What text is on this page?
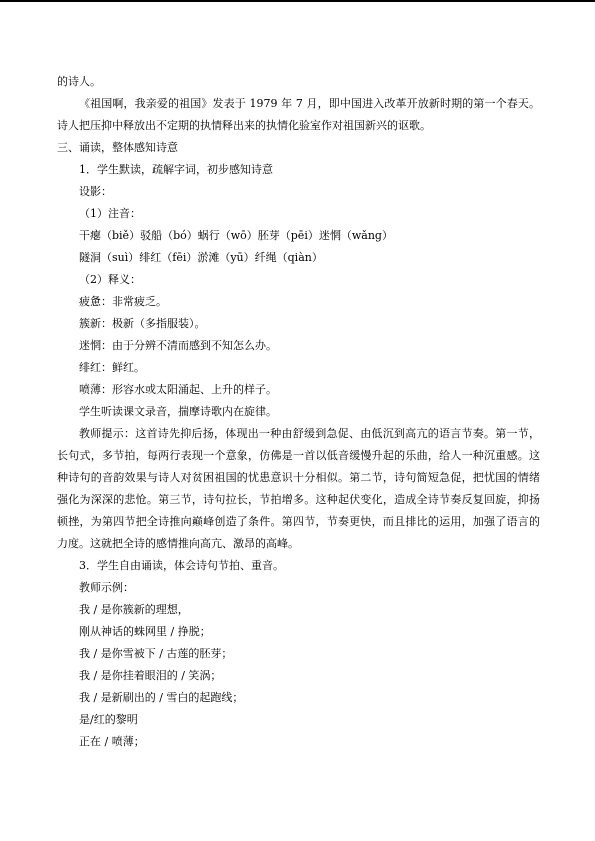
的诗人。

《祖国啊，我亲爱的祖国》发表于 1979 年 7 月，即中国进入改革开放新时期的第一个春天。诗人把压抑中释放出不定期的执情释出来的执情化验室作对祖国新兴的讴歌。

三、诵读，整体感知诗意

1．学生默读，疏解字词，初步感知诗意

设影：

（1）注音：

干瘪（biě）驳船（bó）蜗行（wō）胚芽（pēi）迷惘（wǎng）

隧洞（suì）绯红（fēi）淤滩（yū）纤绳（qiàn）

（2）释义：

疲惫：非常疲乏。

簇新：极新（多指服装）。

迷惘：由于分辨不清而感到不知怎么办。

绯红：鲜红。

喷薄：形容水或太阳涌起、上升的样子。

学生听读课文录音，揣摩诗歌内在旋律。

教师提示：这首诗先抑后扬，体现出一种由舒缓到急促、由低沉到高亢的语言节奏。第一节，长句式，多节拍，每两行表现一个意象，仿佛是一首以低音缓慢升起的乐曲，给人一种沉重感。这种诗句的音韵效果与诗人对贫困祖国的忧患意识十分相似。第二节，诗句简短急促，把忧国的情绪强化为深深的悲怆。第三节，诗句拉长，节拍增多。这种起伏变化，造成全诗节奏反复回旋，抑扬顿挫，为第四节把全诗推向巅峰创造了条件。第四节，节奏更快，而且排比的运用，加强了语言的力度。这就把全诗的感情推向高亢、激昂的高峰。

3．学生自由诵读，体会诗句节拍、重音。

教师示例：

我 / 是你簇新的理想，

刚从神话的蛛网里 / 挣脱；

我 / 是你雪被下 / 古莲的胚芽；

我 / 是你挂着眼泪的 / 笑涡；

我 / 是新刷出的 / 雪白的起跑线；

是/红的黎明

正在 / 喷薄；
